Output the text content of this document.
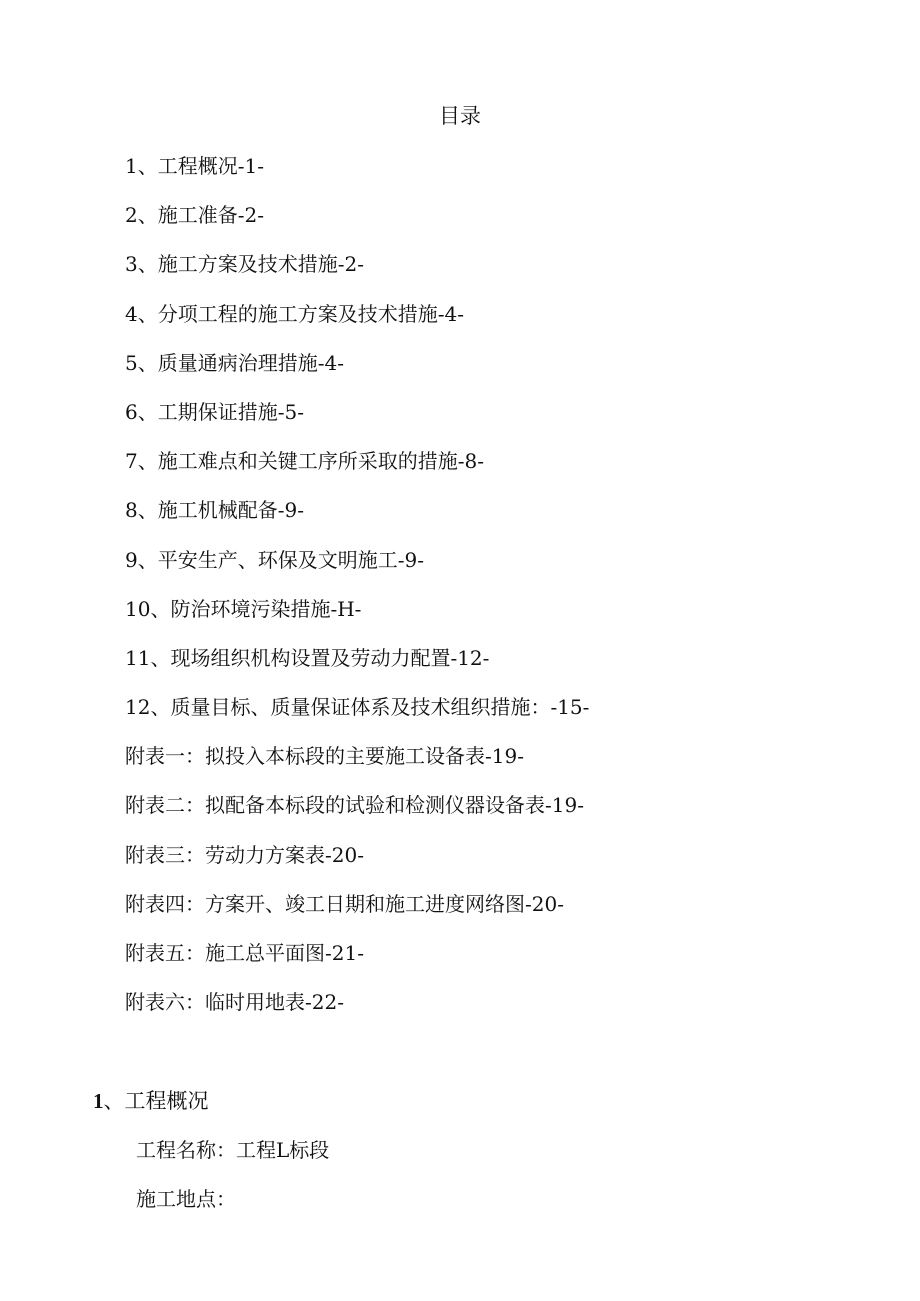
目录
1、工程概况-1-
2、施工准备-2-
3、施工方案及技术措施-2-
4、分项工程的施工方案及技术措施-4-
5、质量通病治理措施-4-
6、工期保证措施-5-
7、施工难点和关键工序所采取的措施-8-
8、施工机械配备-9-
9、平安生产、环保及文明施工-9-
10、防治环境污染措施-H-
11、现场组织机构设置及劳动力配置-12-
12、质量目标、质量保证体系及技术组织措施：-15-
附表一：拟投入本标段的主要施工设备表-19-
附表二：拟配备本标段的试验和检测仪器设备表-19-
附表三：劳动力方案表-20-
附表四：方案开、竣工日期和施工进度网络图-20-
附表五：施工总平面图-21-
附表六：临时用地表-22-
1、工程概况
工程名称：工程L标段
施工地点：
